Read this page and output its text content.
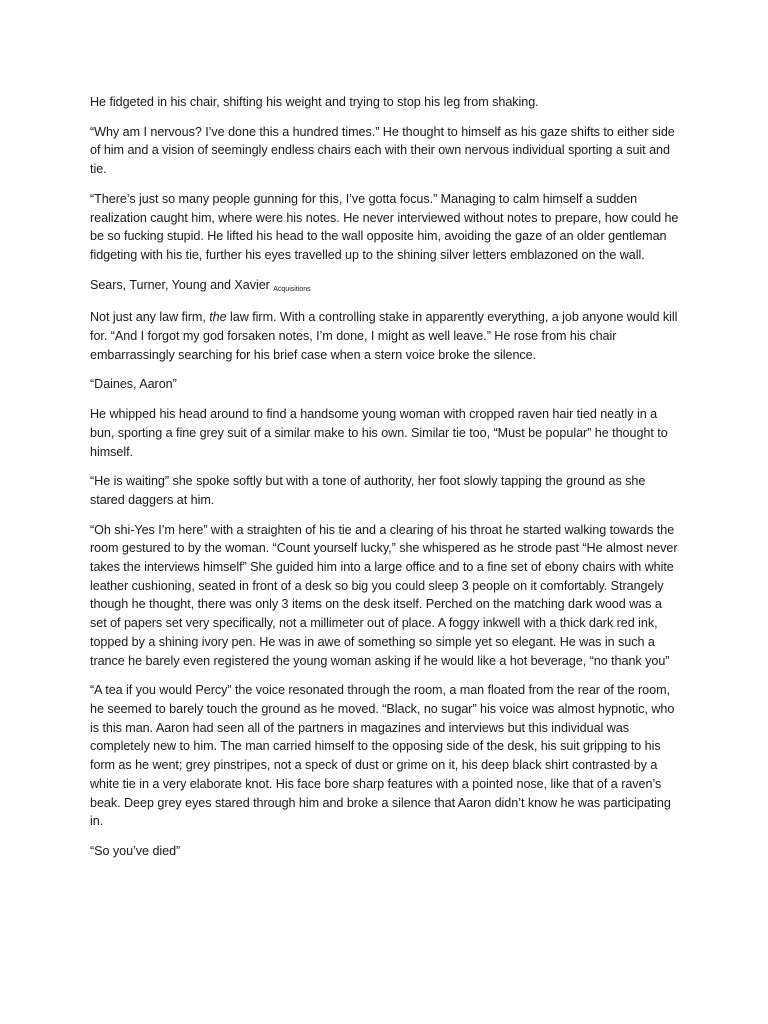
He fidgeted in his chair, shifting his weight and trying to stop his leg from shaking.

“Why am I nervous? I’ve done this a hundred times.” He thought to himself as his gaze shifts to either side of him and a vision of seemingly endless chairs each with their own nervous individual sporting a suit and tie.

“There’s just so many people gunning for this, I’ve gotta focus.” Managing to calm himself a sudden realization caught him, where were his notes. He never interviewed without notes to prepare, how could he be so fucking stupid. He lifted his head to the wall opposite him, avoiding the gaze of an older gentleman fidgeting with his tie, further his eyes travelled up to the shining silver letters emblazoned on the wall.

Sears, Turner, Young and Xavier Acquisitions

Not just any law firm, the law firm. With a controlling stake in apparently everything, a job anyone would kill for. “And I forgot my god forsaken notes, I’m done, I might as well leave.” He rose from his chair embarrassingly searching for his brief case when a stern voice broke the silence.

“Daines, Aaron”

He whipped his head around to find a handsome young woman with cropped raven hair tied neatly in a bun, sporting a fine grey suit of a similar make to his own. Similar tie too, “Must be popular” he thought to himself.

“He is waiting” she spoke softly but with a tone of authority, her foot slowly tapping the ground as she stared daggers at him.

“Oh shi-Yes I’m here” with a straighten of his tie and a clearing of his throat he started walking towards the room gestured to by the woman. “Count yourself lucky,” she whispered as he strode past “He almost never takes the interviews himself” She guided him into a large office and to a fine set of ebony chairs with white leather cushioning, seated in front of a desk so big you could sleep 3 people on it comfortably. Strangely though he thought, there was only 3 items on the desk itself. Perched on the matching dark wood was a set of papers set very specifically, not a millimeter out of place. A foggy inkwell with a thick dark red ink, topped by a shining ivory pen. He was in awe of something so simple yet so elegant. He was in such a trance he barely even registered the young woman asking if he would like a hot beverage, “no thank you”

“A tea if you would Percy” the voice resonated through the room, a man floated from the rear of the room, he seemed to barely touch the ground as he moved. “Black, no sugar” his voice was almost hypnotic, who is this man. Aaron had seen all of the partners in magazines and interviews but this individual was completely new to him. The man carried himself to the opposing side of the desk, his suit gripping to his form as he went; grey pinstripes, not a speck of dust or grime on it, his deep black shirt contrasted by a white tie in a very elaborate knot. His face bore sharp features with a pointed nose, like that of a raven’s beak. Deep grey eyes stared through him and broke a silence that Aaron didn’t know he was participating in.

“So you’ve died”
